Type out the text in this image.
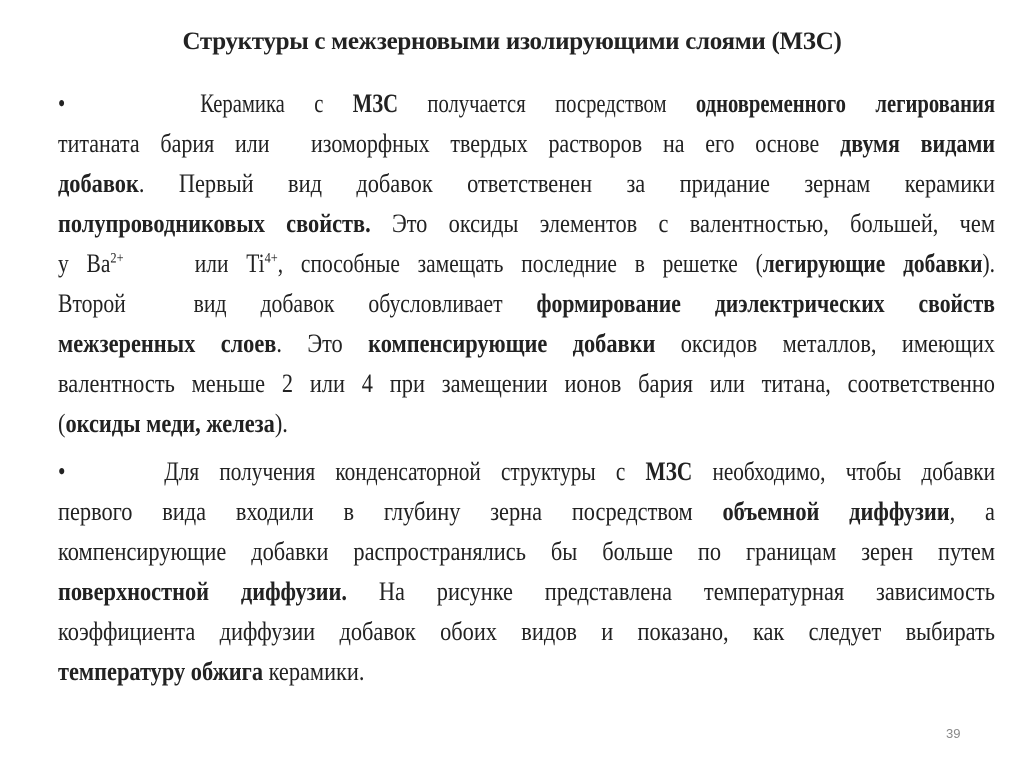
Структуры с межзерновыми изолирующими слоями (МЗС)
•    Керамика с МЗС получается посредством одновременного легирования
титаната бария или  изоморфных твердых растворов на его основе двумя видами
добавок. Первый вид добавок ответственен за придание зернам керамики
полупроводниковых свойств. Это оксиды элементов с валентностью, большей, чем
у $Ba^{2+}$    или $Ti^{4+}$, способные замещать последние в решетке (легирующие добавки).
Второй  вид добавок обусловливает формирование диэлектрических свойств
межзеренных слоев. Это компенсирующие добавки оксидов металлов, имеющих
валентность меньше 2 или 4 при замещении ионов бария или титана, соответственно
(оксиды меди, железа).
•    Для получения конденсаторной структуры с МЗС необходимо, чтобы добавки
первого вида входили в глубину зерна посредством объемной диффузии, а
компенсирующие добавки распространялись бы больше по границам зерен путем
поверхностной диффузии. На рисунке представлена температурная зависимость
коэффициента диффузии добавок обоих видов и показано, как следует выбирать
температуру обжига керамики.
39
